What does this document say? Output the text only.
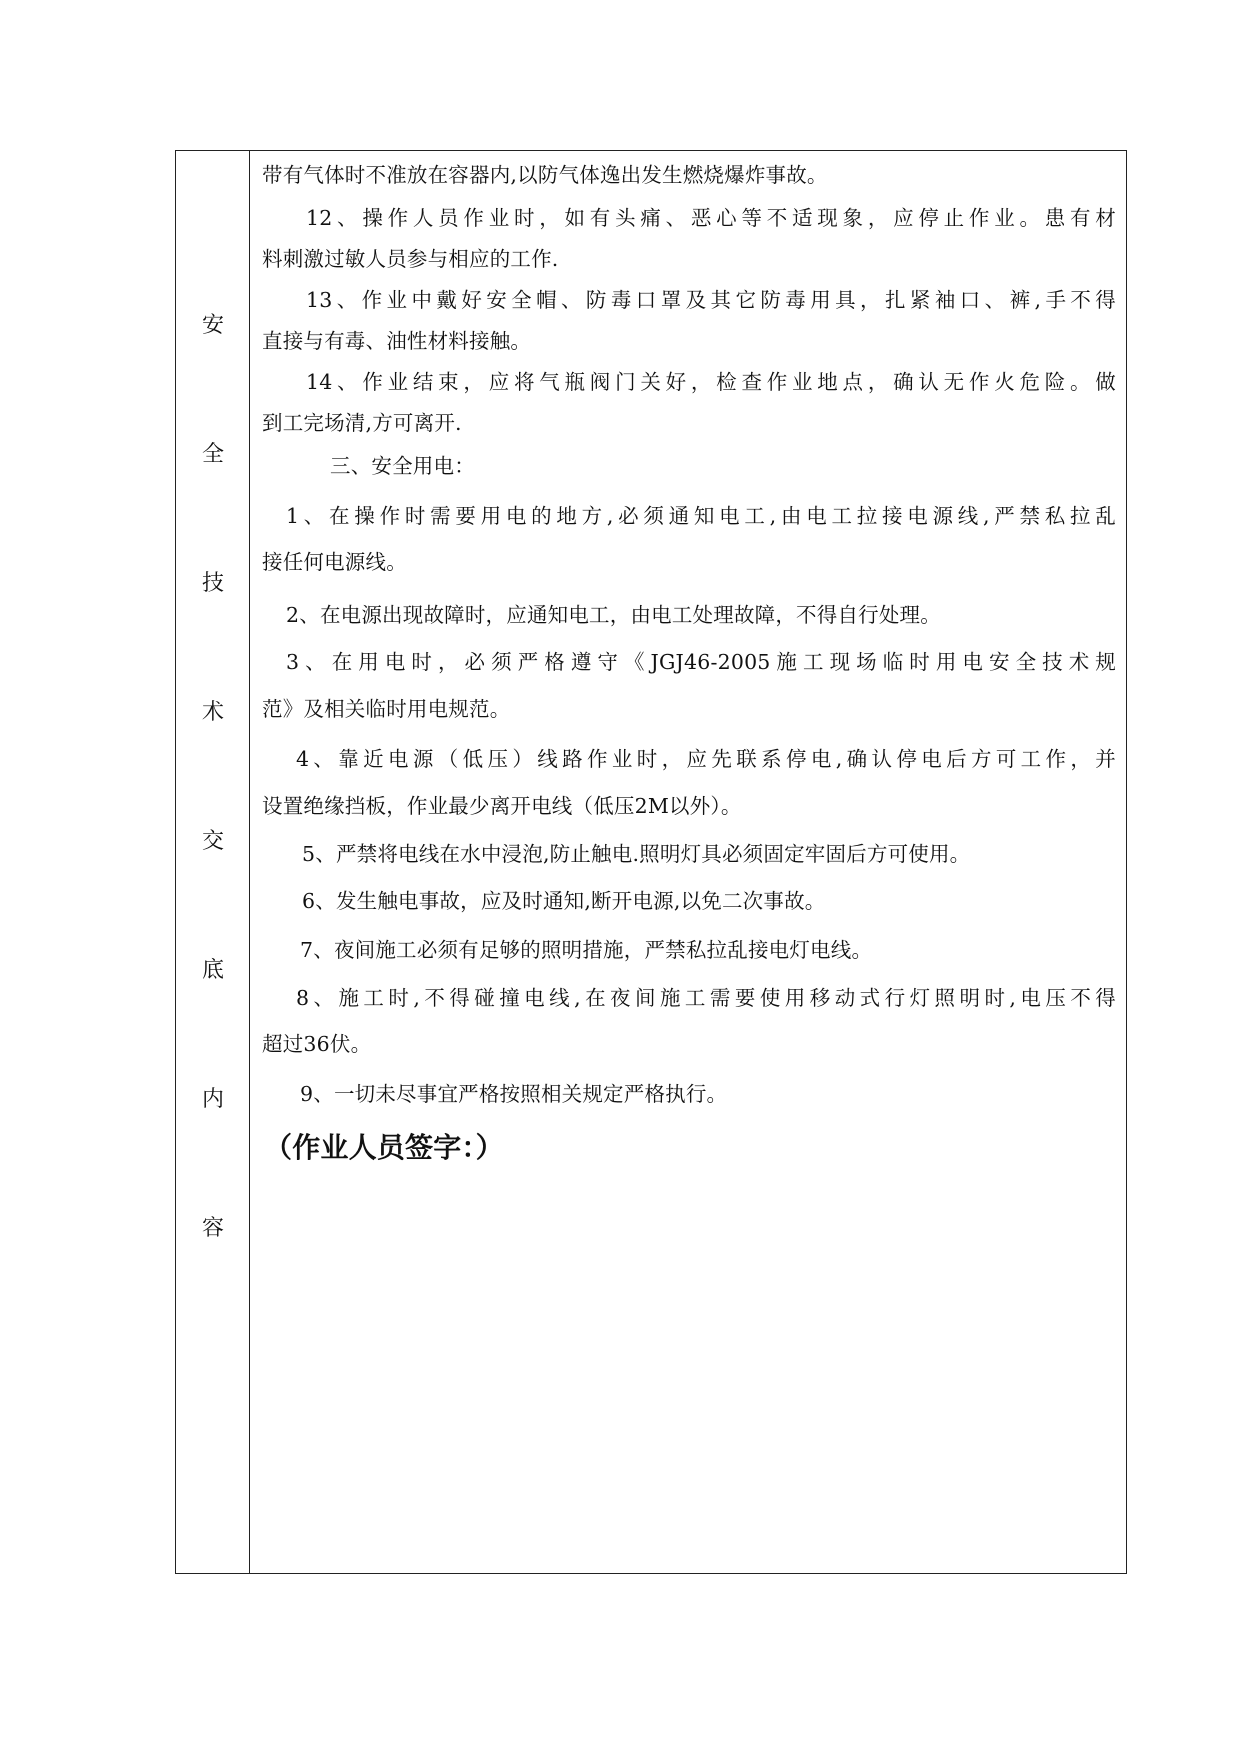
安
全
技
术
交
底
内
容
带有气体时不准放在容器内,以防气体逸出发生燃烧爆炸事故。
12、操作人员作业时，如有头痛、恶心等不适现象，应停止作业。患有材
料刺激过敏人员参与相应的工作.
13、作业中戴好安全帽、防毒口罩及其它防毒用具，扎紧袖口、裤,手不得
直接与有毒、油性材料接触。
14、作业结束，应将气瓶阀门关好，检查作业地点，确认无作火危险。做
到工完场清,方可离开.
三、安全用电：
1、在操作时需要用电的地方,必须通知电工,由电工拉接电源线,严禁私拉乱
接任何电源线。
2、在电源出现故障时，应通知电工，由电工处理故障，不得自行处理。
3、在用电时，必须严格遵守《JGJ46-2005施工现场临时用电安全技术规
范》及相关临时用电规范。
4、靠近电源（低压）线路作业时，应先联系停电,确认停电后方可工作，并
设置绝缘挡板，作业最少离开电线（低压2M以外）。
5、严禁将电线在水中浸泡,防止触电.照明灯具必须固定牢固后方可使用。
6、发生触电事故，应及时通知,断开电源,以免二次事故。
7、夜间施工必须有足够的照明措施，严禁私拉乱接电灯电线。
8、施工时,不得碰撞电线,在夜间施工需要使用移动式行灯照明时,电压不得
超过36伏。
9、一切未尽事宜严格按照相关规定严格执行。
（作业人员签字：）
